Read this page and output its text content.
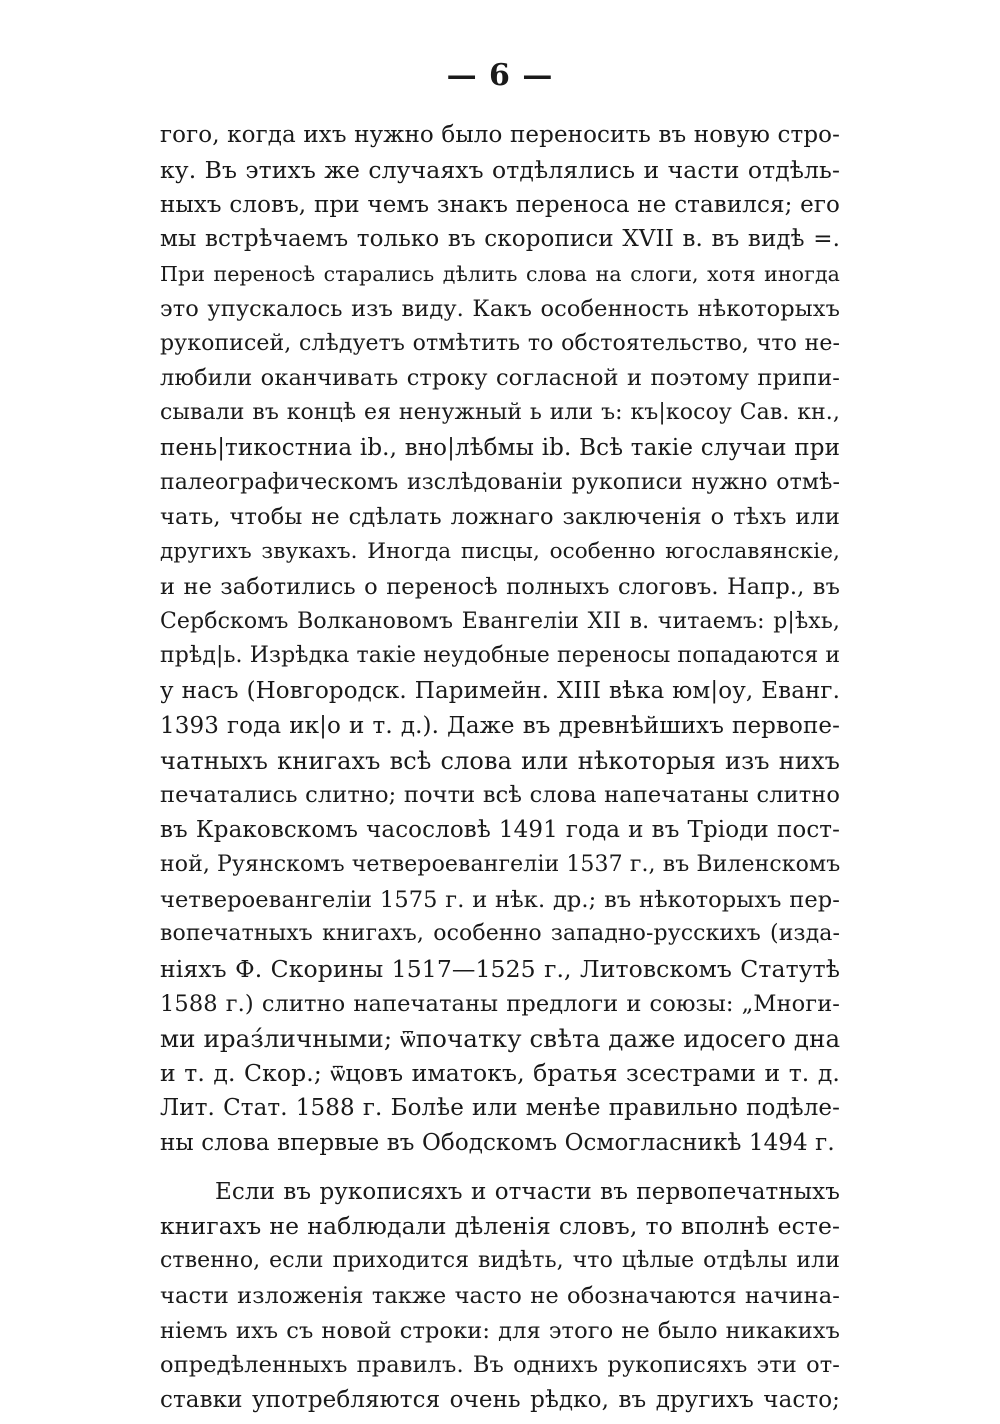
— 6 —
гого, когда ихъ нужно было переносить въ новую стро-
ку. Въ этихъ же случаяхъ отдѣлялись и части отдѣль-
ныхъ словъ, при чемъ знакъ переноса не ставился; его
мы встрѣчаемъ только въ скорописи XVII в. въ видѣ =.
При переносѣ старались дѣлить слова на слоги, хотя иногда
это упускалось изъ виду. Какъ особенность нѣкоторыхъ
рукописей, слѣдуетъ отмѣтить то обстоятельство, что не-
любили оканчивать строку согласной и поэтому припи-
сывали въ концѣ ея ненужный ь или ъ: къ|косоу Сав. кн.,
пень|тикостниа ib., вно|лѣбмы ib. Всѣ такіе случаи при
палеографическомъ изслѣдованіи рукописи нужно отмѣ-
чать, чтобы не сдѣлать ложнаго заключенія о тѣхъ или
другихъ звукахъ. Иногда писцы, особенно югославянскіе,
и не заботились о переносѣ полныхъ слоговъ. Напр., въ
Сербскомъ Волкановомъ Евангеліи XII в. читаемъ: р|ѣхь,
прѣд|ь. Изрѣдка такіе неудобные переносы попадаются и
у насъ (Новгородск. Паримейн. XIII вѣка юм|оу, Еванг.
1393 года ик|о и т. д.). Даже въ древнѣйшихъ первопе-
чатныхъ книгахъ всѣ слова или нѣкоторыя изъ нихъ
печатались слитно; почти всѣ слова напечатаны слитно
въ Краковскомъ часословѣ 1491 года и въ Тріоди пост-
ной, Руянскомъ четвероевангеліи 1537 г., въ Виленскомъ
четвероевангеліи 1575 г. и нѣк. др.; въ нѣкоторыхъ пер-
вопечатныхъ книгахъ, особенно западно-русскихъ (изда-
ніяхъ Ф. Скорины 1517—1525 г., Литовскомъ Статутѣ
1588 г.) слитно напечатаны предлоги и союзы: „Многи-
ми ираз́личными; ѿпочатку свѣта даже идосего дна
и т. д. Скор.; ѿцовъ иматокъ, братья зсестрами и т. д.
Лит. Стат. 1588 г. Болѣе или менѣе правильно подѣле-
ны слова впервые въ Ободскомъ Осмогласникѣ 1494 г.
Если въ рукописяхъ и отчасти въ первопечатныхъ
книгахъ не наблюдали дѣленія словъ, то вполнѣ есте-
ственно, если приходится видѣть, что цѣлые отдѣлы или
части изложенія также часто не обозначаются начина-
ніемъ ихъ съ новой строки: для этого не было никакихъ
опредѣленныхъ правилъ. Въ однихъ рукописяхъ эти от-
ставки употребляются очень рѣдко, въ другихъ часто;
